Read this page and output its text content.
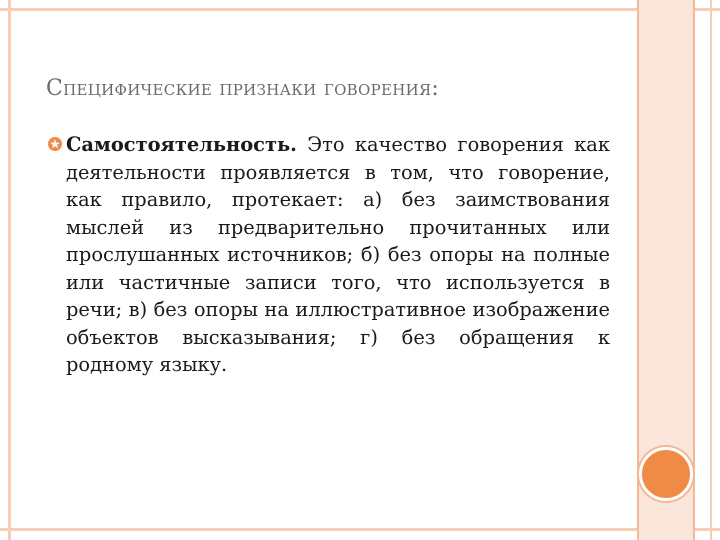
Специфические признаки говорения:

Самостоятельность. Это качество говорения как деятельности проявляется в том, что говорение, как правило, протекает: а) без заимствования мыслей из предварительно прочитанных или прослушанных источников; б) без опоры на полные или частичные записи того, что используется в речи; в) без опоры на иллюстративное изображение объектов высказывания; г) без обращения к родному языку.
